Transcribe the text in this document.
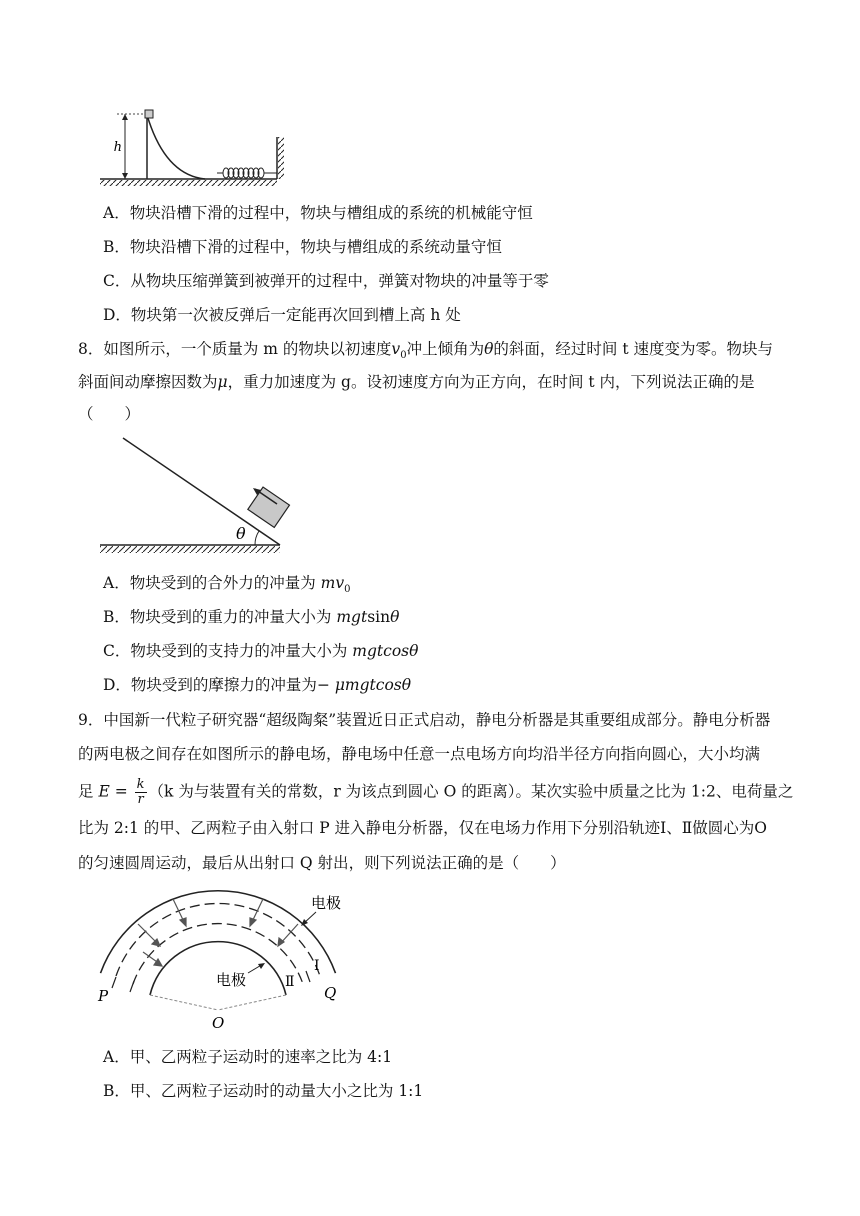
h
A．物块沿槽下滑的过程中，物块与槽组成的系统的机械能守恒
B．物块沿槽下滑的过程中，物块与槽组成的系统动量守恒
C．从物块压缩弹簧到被弹开的过程中，弹簧对物块的冲量等于零
D．物块第一次被反弹后一定能再次回到槽上高 h 处
8．如图所示，一个质量为 m 的物块以初速度$v_0$冲上倾角为θ的斜面，经过时间 t 速度变为零。物块与
斜面间动摩擦因数为μ，重力加速度为 g。设初速度方向为正方向，在时间 t 内，下列说法正确的是
（　　）
θ
A．物块受到的合外力的冲量为 $mv_0$
B．物块受到的重力的冲量大小为 mgtsinθ
C．物块受到的支持力的冲量大小为 mgtcosθ
D．物块受到的摩擦力的冲量为− μmgtcosθ
9．中国新一代粒子研究器“超级陶粲”装置近日正式启动，静电分析器是其重要组成部分。静电分析器
的两电极之间存在如图所示的静电场，静电场中任意一点电场方向均沿半径方向指向圆心，大小均满
足 $E = \frac{k}{r} (k$ 为与装置有关的常数，r 为该点到圆心 O 的距离）。某次实验中质量之比为 1:2、电荷量之
比为 2:1 的甲、乙两粒子由入射口 P 进入静电分析器，仅在电场力作用下分别沿轨迹Ⅰ、Ⅱ做圆心为O
的匀速圆周运动，最后从出射口 Q 射出，则下列说法正确的是（　　）
电极
电极
Ⅰ
Ⅱ
P	Q
O
A．甲、乙两粒子运动时的速率之比为 4:1
B．甲、乙两粒子运动时的动量大小之比为 1:1
